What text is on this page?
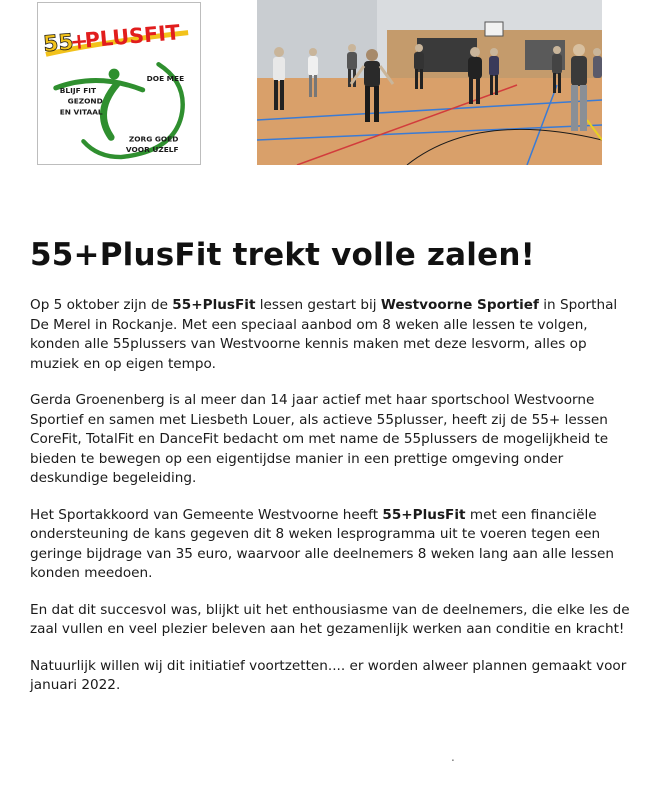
55
+
PLUSFIT
BLIJF FIT
GEZOND
EN VITAAL
DOE MEE
ZORG GOED
VOOR UZELF
55+PlusFit trekt volle zalen!

Op 5 oktober zijn de 55+PlusFit lessen gestart bij Westvoorne Sportief in Sporthal De Merel in Rockanje. Met een speciaal aanbod om 8 weken alle lessen te volgen, konden alle 55plussers van Westvoorne kennis maken met deze lesvorm, alles op muziek en op eigen tempo.

Gerda Groenenberg is al meer dan 14 jaar actief met haar sportschool Westvoorne Sportief en samen met Liesbeth Louer, als actieve 55plusser, heeft zij de 55+ lessen CoreFit, TotalFit en DanceFit bedacht om met name de 55plussers de mogelijkheid te bieden te bewegen op een eigentijdse manier in een prettige omgeving onder deskundige begeleiding.

Het Sportakkoord van Gemeente Westvoorne heeft 55+PlusFit met een financiële ondersteuning de kans gegeven dit 8 weken lesprogramma uit te voeren tegen een geringe bijdrage van 35 euro, waarvoor alle deelnemers 8 weken lang aan alle lessen konden meedoen.

En dat dit succesvol was, blijkt uit het enthousiasme van de deelnemers, die elke les de zaal vullen en veel plezier beleven aan het gezamenlijk werken aan conditie en kracht!

Natuurlijk willen wij dit initiatief voortzetten.... er worden alweer plannen gemaakt voor januari 2022.

.
